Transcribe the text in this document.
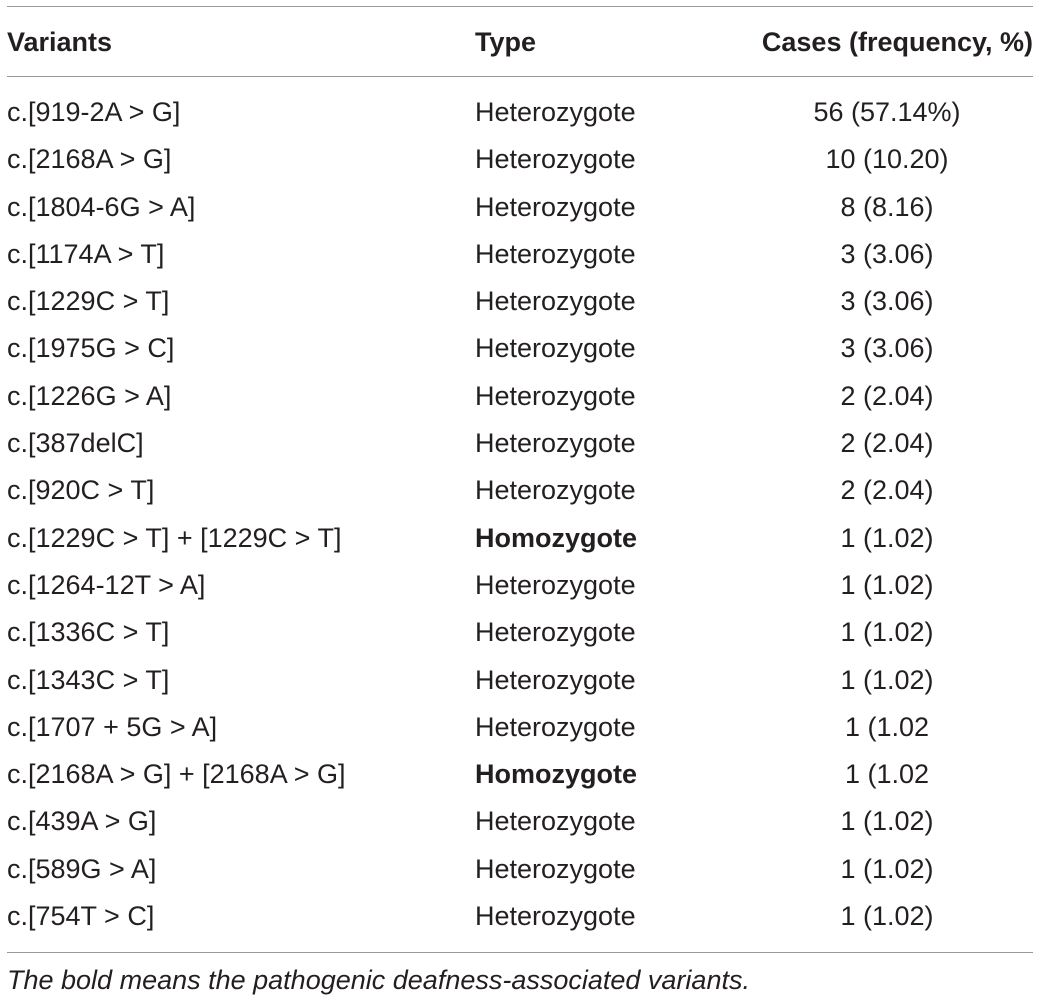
Variants	Type	Cases (frequency, %)
c.[919-2A > G]	Heterozygote	56 (57.14%)
c.[2168A > G]	Heterozygote	10 (10.20)
c.[1804-6G > A]	Heterozygote	8 (8.16)
c.[1174A > T]	Heterozygote	3 (3.06)
c.[1229C > T]	Heterozygote	3 (3.06)
c.[1975G > C]	Heterozygote	3 (3.06)
c.[1226G > A]	Heterozygote	2 (2.04)
c.[387delC]	Heterozygote	2 (2.04)
c.[920C > T]	Heterozygote	2 (2.04)
c.[1229C > T] + [1229C > T]	Homozygote	1 (1.02)
c.[1264-12T > A]	Heterozygote	1 (1.02)
c.[1336C > T]	Heterozygote	1 (1.02)
c.[1343C > T]	Heterozygote	1 (1.02)
c.[1707 + 5G > A]	Heterozygote	1 (1.02
c.[2168A > G] + [2168A > G]	Homozygote	1 (1.02
c.[439A > G]	Heterozygote	1 (1.02)
c.[589G > A]	Heterozygote	1 (1.02)
c.[754T > C]	Heterozygote	1 (1.02)
The bold means the pathogenic deafness-associated variants.
